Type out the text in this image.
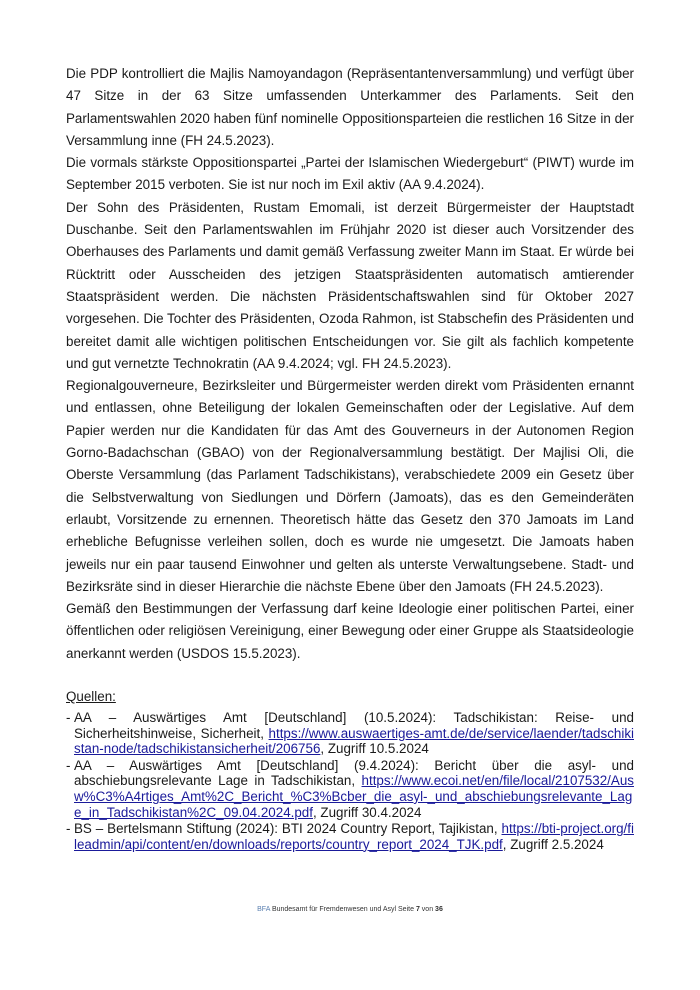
Die PDP kontrolliert die Majlis Namoyandagon (Repräsentantenversammlung) und verfügt über 47 Sitze in der 63 Sitze umfassenden Unterkammer des Parlaments. Seit den Parlamentswahlen 2020 haben fünf nominelle Oppositionsparteien die restlichen 16 Sitze in der Versammlung inne (FH 24.5.2023).

Die vormals stärkste Oppositionspartei „Partei der Islamischen Wiedergeburt“ (PIWT) wurde im September 2015 verboten. Sie ist nur noch im Exil aktiv (AA 9.4.2024).

Der Sohn des Präsidenten, Rustam Emomali, ist derzeit Bürgermeister der Hauptstadt Duschanbe. Seit den Parlamentswahlen im Frühjahr 2020 ist dieser auch Vorsitzender des Oberhauses des Parlaments und damit gemäß Verfassung zweiter Mann im Staat. Er würde bei Rücktritt oder Ausscheiden des jetzigen Staatspräsidenten automatisch amtierender Staatspräsident werden. Die nächsten Präsidentschaftswahlen sind für Oktober 2027 vorgesehen. Die Tochter des Präsidenten, Ozoda Rahmon, ist Stabschefin des Präsidenten und bereitet damit alle wichtigen politischen Entscheidungen vor. Sie gilt als fachlich kompetente und gut vernetzte Technokratin (AA 9.4.2024; vgl. FH 24.5.2023).

Regionalgouverneure, Bezirksleiter und Bürgermeister werden direkt vom Präsidenten ernannt und entlassen, ohne Beteiligung der lokalen Gemeinschaften oder der Legislative. Auf dem Papier werden nur die Kandidaten für das Amt des Gouverneurs in der Autonomen Region Gorno-Badachschan (GBAO) von der Regionalversammlung bestätigt. Der Majlisi Oli, die Oberste Versammlung (das Parlament Tadschikistans), verabschiedete 2009 ein Gesetz über die Selbstverwaltung von Siedlungen und Dörfern (Jamoats), das es den Gemeinderäten erlaubt, Vorsitzende zu ernennen. Theoretisch hätte das Gesetz den 370 Jamoats im Land erhebliche Befugnisse verleihen sollen, doch es wurde nie umgesetzt. Die Jamoats haben jeweils nur ein paar tausend Einwohner und gelten als unterste Verwaltungsebene. Stadt- und Bezirksräte sind in dieser Hierarchie die nächste Ebene über den Jamoats (FH 24.5.2023).

Gemäß den Bestimmungen der Verfassung darf keine Ideologie einer politischen Partei, einer öffentlichen oder religiösen Vereinigung, einer Bewegung oder einer Gruppe als Staatsideologie anerkannt werden (USDOS 15.5.2023).

Quellen:
- AA – Auswärtiges Amt [Deutschland] (10.5.2024): Tadschikistan: Reise- und Sicherheitshinweise, Sicherheit, https://www.auswaertiges-amt.de/de/service/laender/tadschikistan-node/tadschikistansicherheit/206756, Zugriff 10.5.2024
- AA – Auswärtiges Amt [Deutschland] (9.4.2024): Bericht über die asyl- und abschiebungsrelevante Lage in Tadschikistan, https://www.ecoi.net/en/file/local/2107532/Ausw%C3%A4rtiges_Amt%2C_Bericht_%C3%Bcber_die_asyl-_und_abschiebungsrelevante_Lage_in_Tadschikistan%2C_09.04.2024.pdf, Zugriff 30.4.2024
- BS – Bertelsmann Stiftung (2024): BTI 2024 Country Report, Tajikistan, https://bti-project.org/fileadmin/api/content/en/downloads/reports/country_report_2024_TJK.pdf, Zugriff 2.5.2024
BFA Bundesamt für Fremdenwesen und Asyl Seite 7 von 36
